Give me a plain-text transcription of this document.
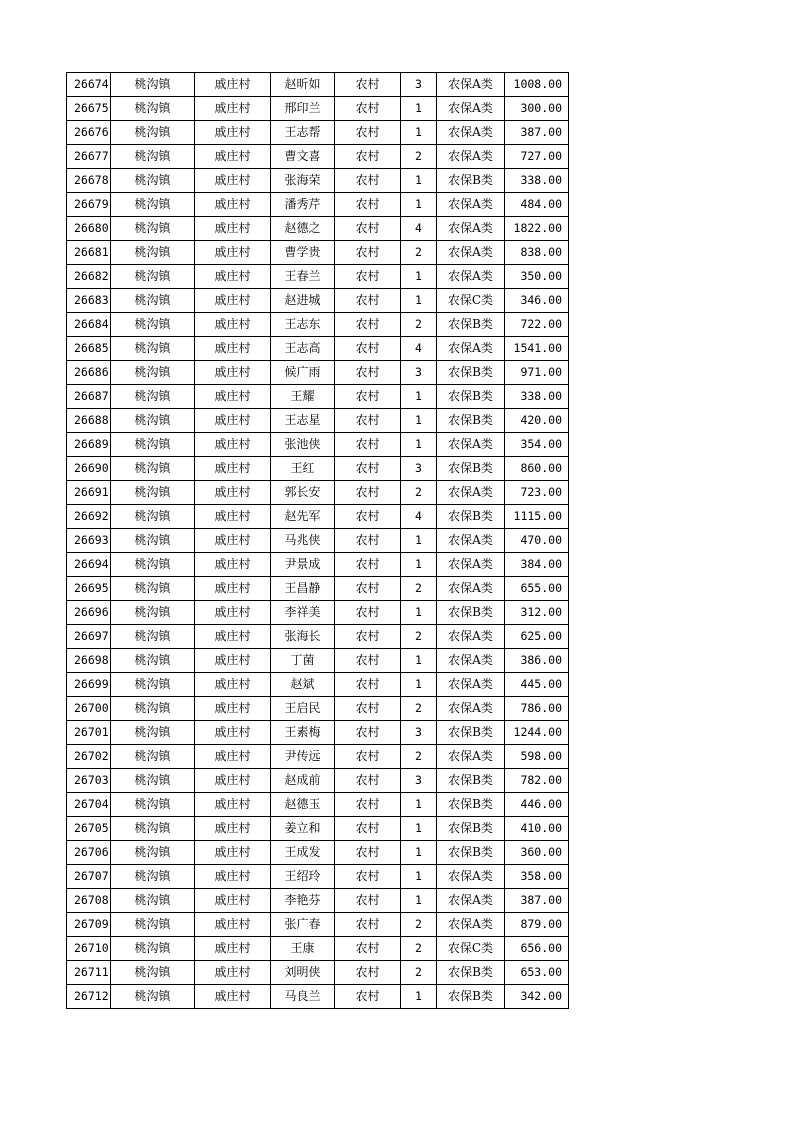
26674	桃沟镇	戚庄村	赵昕如	农村	3	农保A类	1008.00
26675	桃沟镇	戚庄村	邢印兰	农村	1	农保A类	300.00
26676	桃沟镇	戚庄村	王志帮	农村	1	农保A类	387.00
26677	桃沟镇	戚庄村	曹文喜	农村	2	农保A类	727.00
26678	桃沟镇	戚庄村	张海荣	农村	1	农保B类	338.00
26679	桃沟镇	戚庄村	潘秀芹	农村	1	农保A类	484.00
26680	桃沟镇	戚庄村	赵德之	农村	4	农保A类	1822.00
26681	桃沟镇	戚庄村	曹学贵	农村	2	农保A类	838.00
26682	桃沟镇	戚庄村	王春兰	农村	1	农保A类	350.00
26683	桃沟镇	戚庄村	赵进城	农村	1	农保C类	346.00
26684	桃沟镇	戚庄村	王志东	农村	2	农保B类	722.00
26685	桃沟镇	戚庄村	王志高	农村	4	农保A类	1541.00
26686	桃沟镇	戚庄村	候广雨	农村	3	农保B类	971.00
26687	桃沟镇	戚庄村	王耀	农村	1	农保B类	338.00
26688	桃沟镇	戚庄村	王志星	农村	1	农保B类	420.00
26689	桃沟镇	戚庄村	张池侠	农村	1	农保A类	354.00
26690	桃沟镇	戚庄村	王红	农村	3	农保B类	860.00
26691	桃沟镇	戚庄村	郭长安	农村	2	农保A类	723.00
26692	桃沟镇	戚庄村	赵先军	农村	4	农保B类	1115.00
26693	桃沟镇	戚庄村	马兆侠	农村	1	农保A类	470.00
26694	桃沟镇	戚庄村	尹景成	农村	1	农保A类	384.00
26695	桃沟镇	戚庄村	王昌静	农村	2	农保A类	655.00
26696	桃沟镇	戚庄村	李祥美	农村	1	农保B类	312.00
26697	桃沟镇	戚庄村	张海长	农村	2	农保A类	625.00
26698	桃沟镇	戚庄村	丁菌	农村	1	农保A类	386.00
26699	桃沟镇	戚庄村	赵斌	农村	1	农保A类	445.00
26700	桃沟镇	戚庄村	王启民	农村	2	农保A类	786.00
26701	桃沟镇	戚庄村	王素梅	农村	3	农保B类	1244.00
26702	桃沟镇	戚庄村	尹传远	农村	2	农保A类	598.00
26703	桃沟镇	戚庄村	赵成前	农村	3	农保B类	782.00
26704	桃沟镇	戚庄村	赵德玉	农村	1	农保B类	446.00
26705	桃沟镇	戚庄村	姜立和	农村	1	农保B类	410.00
26706	桃沟镇	戚庄村	王成发	农村	1	农保B类	360.00
26707	桃沟镇	戚庄村	王绍玲	农村	1	农保A类	358.00
26708	桃沟镇	戚庄村	李艳芬	农村	1	农保A类	387.00
26709	桃沟镇	戚庄村	张广春	农村	2	农保A类	879.00
26710	桃沟镇	戚庄村	王康	农村	2	农保C类	656.00
26711	桃沟镇	戚庄村	刘明侠	农村	2	农保B类	653.00
26712	桃沟镇	戚庄村	马良兰	农村	1	农保B类	342.00
